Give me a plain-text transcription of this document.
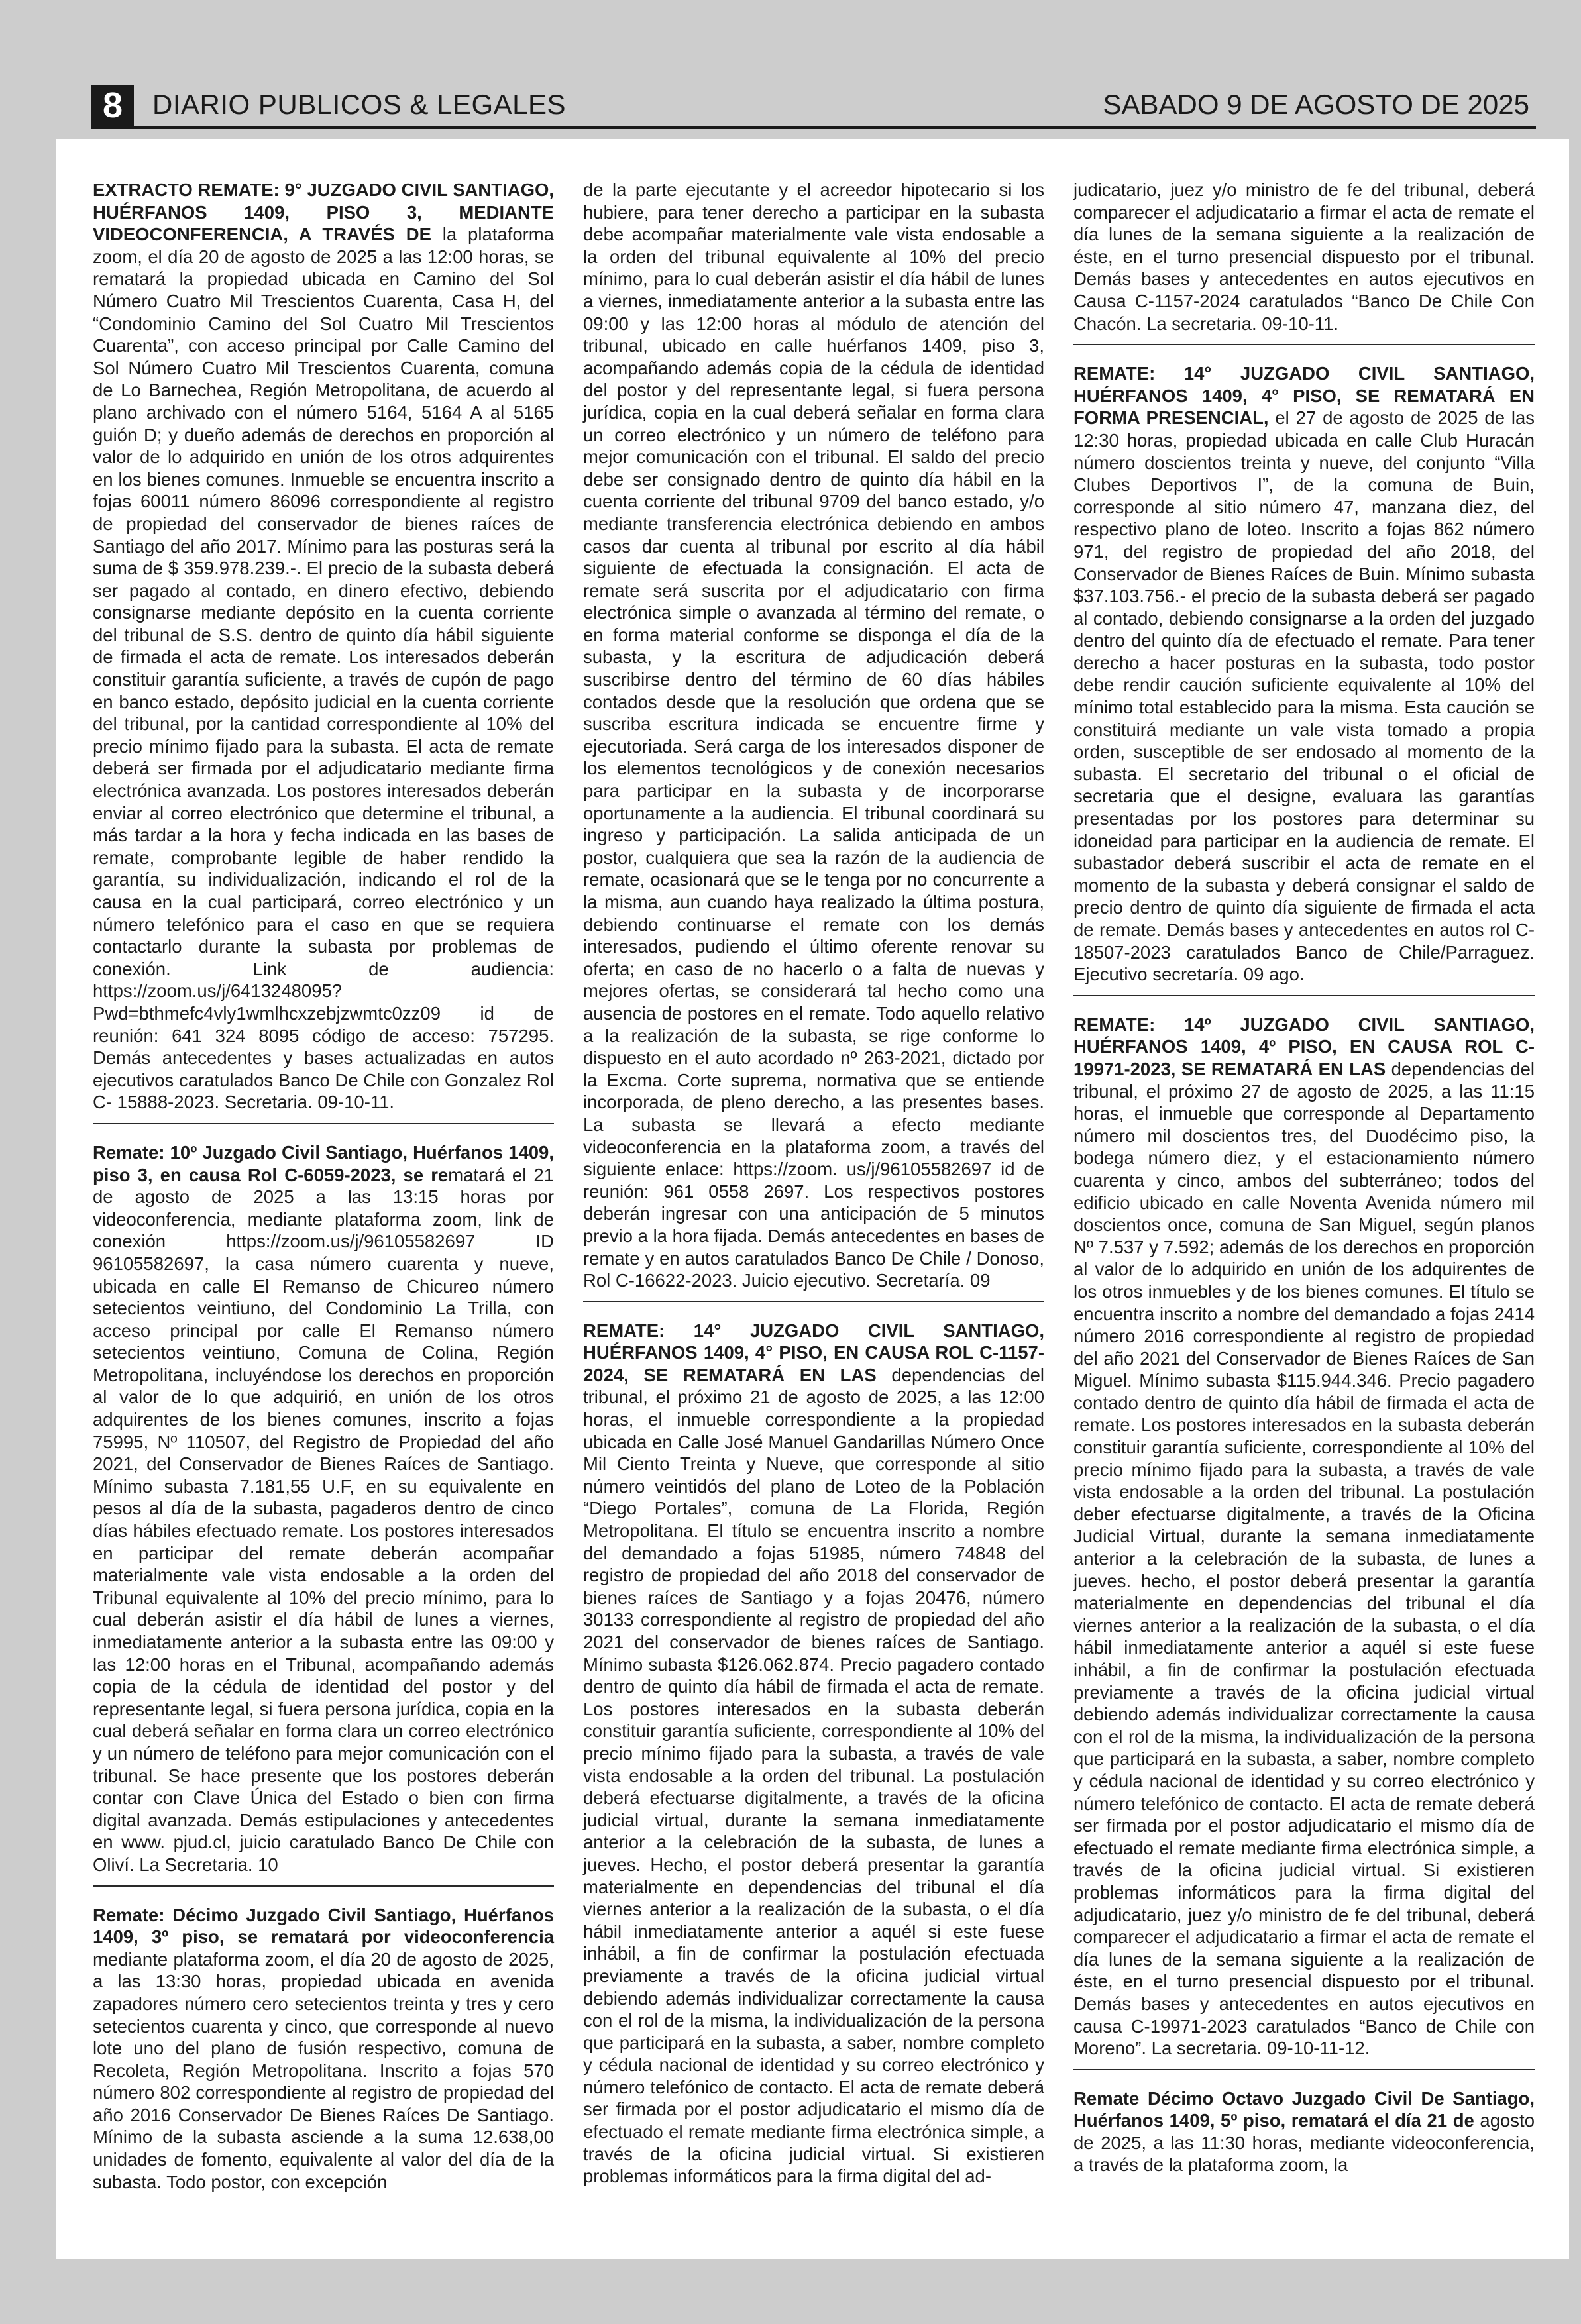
8	DIARIO PUBLICOS & LEGALES	SABADO 9 DE AGOSTO DE 2025

EXTRACTO REMATE: 9° JUZGADO CIVIL SANTIAGO, HUÉRFANOS 1409, PISO 3, MEDIANTE VIDEOCONFERENCIA, A TRAVÉS DE la plataforma zoom, el día 20 de agosto de 2025 a las 12:00 horas, se rematará la propiedad ubicada en Camino del Sol Número Cuatro Mil Trescientos Cuarenta, Casa H, del “Condominio Camino del Sol Cuatro Mil Trescientos Cuarenta”, con acceso principal por Calle Camino del Sol Número Cuatro Mil Trescientos Cuarenta, comuna de Lo Barnechea, Región Metropolitana, de acuerdo al plano archivado con el número 5164, 5164 A al 5165 guión D; y dueño además de derechos en proporción al valor de lo adquirido en unión de los otros adquirentes en los bienes comunes. Inmueble se encuentra inscrito a fojas 60011 número 86096 correspondiente al registro de propiedad del conservador de bienes raíces de Santiago del año 2017. Mínimo para las posturas será la suma de $ 359.978.239.-. El precio de la subasta deberá ser pagado al contado, en dinero efectivo, debiendo consignarse mediante depósito en la cuenta corriente del tribunal de S.S. dentro de quinto día hábil siguiente de firmada el acta de remate. Los interesados deberán constituir garantía suficiente, a través de cupón de pago en banco estado, depósito judicial en la cuenta corriente del tribunal, por la cantidad correspondiente al 10% del precio mínimo fijado para la subasta. El acta de remate deberá ser firmada por el adjudicatario mediante firma electrónica avanzada. Los postores interesados deberán enviar al correo electrónico que determine el tribunal, a más tardar a la hora y fecha indicada en las bases de remate, comprobante legible de haber rendido la garantía, su individualización, indicando el rol de la causa en la cual participará, correo electrónico y un número telefónico para el caso en que se requiera contactarlo durante la subasta por problemas de conexión. Link de audiencia: https://zoom.us/j/6413248095?Pwd=bthmefc4vly1wmlhcxzebjzwmtc0zz09 id de reunión: 641 324 8095 código de acceso: 757295. Demás antecedentes y bases actualizadas en autos ejecutivos caratulados Banco De Chile con Gonzalez Rol C- 15888-2023. Secretaria. 09-10-11.

Remate: 10º Juzgado Civil Santiago, Huérfanos 1409, piso 3, en causa Rol C-6059-2023, se rematará el 21 de agosto de 2025 a las 13:15 horas por videoconferencia, mediante plataforma zoom, link de conexión https://zoom.us/j/96105582697 ID 96105582697, la casa número cuarenta y nueve, ubicada en calle El Remanso de Chicureo número setecientos veintiuno, del Condominio La Trilla, con acceso principal por calle El Remanso número setecientos veintiuno, Comuna de Colina, Región Metropolitana, incluyéndose los derechos en proporción al valor de lo que adquirió, en unión de los otros adquirentes de los bienes comunes, inscrito a fojas 75995, Nº 110507, del Registro de Propiedad del año 2021, del Conservador de Bienes Raíces de Santiago. Mínimo subasta 7.181,55 U.F, en su equivalente en pesos al día de la subasta, pagaderos dentro de cinco días hábiles efectuado remate. Los postores interesados en participar del remate deberán acompañar materialmente vale vista endosable a la orden del Tribunal equivalente al 10% del precio mínimo, para lo cual deberán asistir el día hábil de lunes a viernes, inmediatamente anterior a la subasta entre las 09:00 y las 12:00 horas en el Tribunal, acompañando además copia de la cédula de identidad del postor y del representante legal, si fuera persona jurídica, copia en la cual deberá señalar en forma clara un correo electrónico y un número de teléfono para mejor comunicación con el tribunal. Se hace presente que los postores deberán contar con Clave Única del Estado o bien con firma digital avanzada. Demás estipulaciones y antecedentes en www. pjud.cl, juicio caratulado Banco De Chile con Oliví. La Secretaria. 10

Remate: Décimo Juzgado Civil Santiago, Huérfanos 1409, 3º piso, se rematará por videoconferencia mediante plataforma zoom, el día 20 de agosto de 2025, a las 13:30 horas, propiedad ubicada en avenida zapadores número cero setecientos treinta y tres y cero setecientos cuarenta y cinco, que corresponde al nuevo lote uno del plano de fusión respectivo, comuna de Recoleta, Región Metropolitana. Inscrito a fojas 570 número 802 correspondiente al registro de propiedad del año 2016 Conservador De Bienes Raíces De Santiago. Mínimo de la subasta asciende a la suma 12.638,00 unidades de fomento, equivalente al valor del día de la subasta. Todo postor, con excepción

de la parte ejecutante y el acreedor hipotecario si los hubiere, para tener derecho a participar en la subasta debe acompañar materialmente vale vista endosable a la orden del tribunal equivalente al 10% del precio mínimo, para lo cual deberán asistir el día hábil de lunes a viernes, inmediatamente anterior a la subasta entre las 09:00 y las 12:00 horas al módulo de atención del tribunal, ubicado en calle huérfanos 1409, piso 3, acompañando además copia de la cédula de identidad del postor y del representante legal, si fuera persona jurídica, copia en la cual deberá señalar en forma clara un correo electrónico y un número de teléfono para mejor comunicación con el tribunal. El saldo del precio debe ser consignado dentro de quinto día hábil en la cuenta corriente del tribunal 9709 del banco estado, y/o mediante transferencia electrónica debiendo en ambos casos dar cuenta al tribunal por escrito al día hábil siguiente de efectuada la consignación. El acta de remate será suscrita por el adjudicatario con firma electrónica simple o avanzada al término del remate, o en forma material conforme se disponga el día de la subasta, y la escritura de adjudicación deberá suscribirse dentro del término de 60 días hábiles contados desde que la resolución que ordena que se suscriba escritura indicada se encuentre firme y ejecutoriada. Será carga de los interesados disponer de los elementos tecnológicos y de conexión necesarios para participar en la subasta y de incorporarse oportunamente a la audiencia. El tribunal coordinará su ingreso y participación. La salida anticipada de un postor, cualquiera que sea la razón de la audiencia de remate, ocasionará que se le tenga por no concurrente a la misma, aun cuando haya realizado la última postura, debiendo continuarse el remate con los demás interesados, pudiendo el último oferente renovar su oferta; en caso de no hacerlo o a falta de nuevas y mejores ofertas, se considerará tal hecho como una ausencia de postores en el remate. Todo aquello relativo a la realización de la subasta, se rige conforme lo dispuesto en el auto acordado nº 263-2021, dictado por la Excma. Corte suprema, normativa que se entiende incorporada, de pleno derecho, a las presentes bases. La subasta se llevará a efecto mediante videoconferencia en la plataforma zoom, a través del siguiente enlace: https://zoom. us/j/96105582697 id de reunión: 961 0558 2697. Los respectivos postores deberán ingresar con una anticipación de 5 minutos previo a la hora fijada. Demás antecedentes en bases de remate y en autos caratulados Banco De Chile / Donoso, Rol C-16622-2023. Juicio ejecutivo. Secretaría. 09

REMATE: 14° JUZGADO CIVIL SANTIAGO, HUÉRFANOS 1409, 4° PISO, EN CAUSA ROL C-1157-2024, SE REMATARÁ EN LAS dependencias del tribunal, el próximo 21 de agosto de 2025, a las 12:00 horas, el inmueble correspondiente a la propiedad ubicada en Calle José Manuel Gandarillas Número Once Mil Ciento Treinta y Nueve, que corresponde al sitio número veintidós del plano de Loteo de la Población “Diego Portales”, comuna de La Florida, Región Metropolitana. El título se encuentra inscrito a nombre del demandado a fojas 51985, número 74848 del registro de propiedad del año 2018 del conservador de bienes raíces de Santiago y a fojas 20476, número 30133 correspondiente al registro de propiedad del año 2021 del conservador de bienes raíces de Santiago. Mínimo subasta $126.062.874. Precio pagadero contado dentro de quinto día hábil de firmada el acta de remate. Los postores interesados en la subasta deberán constituir garantía suficiente, correspondiente al 10% del precio mínimo fijado para la subasta, a través de vale vista endosable a la orden del tribunal. La postulación deberá efectuarse digitalmente, a través de la oficina judicial virtual, durante la semana inmediatamente anterior a la celebración de la subasta, de lunes a jueves. Hecho, el postor deberá presentar la garantía materialmente en dependencias del tribunal el día viernes anterior a la realización de la subasta, o el día hábil inmediatamente anterior a aquél si este fuese inhábil, a fin de confirmar la postulación efectuada previamente a través de la oficina judicial virtual debiendo además individualizar correctamente la causa con el rol de la misma, la individualización de la persona que participará en la subasta, a saber, nombre completo y cédula nacional de identidad y su correo electrónico y número telefónico de contacto. El acta de remate deberá ser firmada por el postor adjudicatario el mismo día de efectuado el remate mediante firma electrónica simple, a través de la oficina judicial virtual. Si existieren problemas informáticos para la firma digital del ad-

judicatario, juez y/o ministro de fe del tribunal, deberá comparecer el adjudicatario a firmar el acta de remate el día lunes de la semana siguiente a la realización de éste, en el turno presencial dispuesto por el tribunal. Demás bases y antecedentes en autos ejecutivos en Causa C-1157-2024 caratulados “Banco De Chile Con Chacón. La secretaria. 09-10-11.

REMATE: 14° JUZGADO CIVIL SANTIAGO, HUÉRFANOS 1409, 4° PISO, SE REMATARÁ EN FORMA PRESENCIAL, el 27 de agosto de 2025 de las 12:30 horas, propiedad ubicada en calle Club Huracán número doscientos treinta y nueve, del conjunto “Villa Clubes Deportivos I”, de la comuna de Buin, corresponde al sitio número 47, manzana diez, del respectivo plano de loteo. Inscrito a fojas 862 número 971, del registro de propiedad del año 2018, del Conservador de Bienes Raíces de Buin. Mínimo subasta $37.103.756.- el precio de la subasta deberá ser pagado al contado, debiendo consignarse a la orden del juzgado dentro del quinto día de efectuado el remate. Para tener derecho a hacer posturas en la subasta, todo postor debe rendir caución suficiente equivalente al 10% del mínimo total establecido para la misma. Esta caución se constituirá mediante un vale vista tomado a propia orden, susceptible de ser endosado al momento de la subasta. El secretario del tribunal o el oficial de secretaria que el designe, evaluara las garantías presentadas por los postores para determinar su idoneidad para participar en la audiencia de remate. El subastador deberá suscribir el acta de remate en el momento de la subasta y deberá consignar el saldo de precio dentro de quinto día siguiente de firmada el acta de remate. Demás bases y antecedentes en autos rol C-18507-2023 caratulados Banco de Chile/Parraguez. Ejecutivo secretaría. 09 ago.

REMATE: 14º JUZGADO CIVIL SANTIAGO, HUÉRFANOS 1409, 4º PISO, EN CAUSA ROL C-19971-2023, SE REMATARÁ EN LAS dependencias del tribunal, el próximo 27 de agosto de 2025, a las 11:15 horas, el inmueble que corresponde al Departamento número mil doscientos tres, del Duodécimo piso, la bodega número diez, y el estacionamiento número cuarenta y cinco, ambos del subterráneo; todos del edificio ubicado en calle Noventa Avenida número mil doscientos once, comuna de San Miguel, según planos Nº 7.537 y 7.592; además de los derechos en proporción al valor de lo adquirido en unión de los adquirentes de los otros inmuebles y de los bienes comunes. El título se encuentra inscrito a nombre del demandado a fojas 2414 número 2016 correspondiente al registro de propiedad del año 2021 del Conservador de Bienes Raíces de San Miguel. Mínimo subasta $115.944.346. Precio pagadero contado dentro de quinto día hábil de firmada el acta de remate. Los postores interesados en la subasta deberán constituir garantía suficiente, correspondiente al 10% del precio mínimo fijado para la subasta, a través de vale vista endosable a la orden del tribunal. La postulación deber efectuarse digitalmente, a través de la Oficina Judicial Virtual, durante la semana inmediatamente anterior a la celebración de la subasta, de lunes a jueves. hecho, el postor deberá presentar la garantía materialmente en dependencias del tribunal el día viernes anterior a la realización de la subasta, o el día hábil inmediatamente anterior a aquél si este fuese inhábil, a fin de confirmar la postulación efectuada previamente a través de la oficina judicial virtual debiendo además individualizar correctamente la causa con el rol de la misma, la individualización de la persona que participará en la subasta, a saber, nombre completo y cédula nacional de identidad y su correo electrónico y número telefónico de contacto. El acta de remate deberá ser firmada por el postor adjudicatario el mismo día de efectuado el remate mediante firma electrónica simple, a través de la oficina judicial virtual. Si existieren problemas informáticos para la firma digital del adjudicatario, juez y/o ministro de fe del tribunal, deberá comparecer el adjudicatario a firmar el acta de remate el día lunes de la semana siguiente a la realización de éste, en el turno presencial dispuesto por el tribunal. Demás bases y antecedentes en autos ejecutivos en causa C-19971-2023 caratulados “Banco de Chile con Moreno”. La secretaria. 09-10-11-12.

Remate Décimo Octavo Juzgado Civil De Santiago, Huérfanos 1409, 5º piso, rematará el día 21 de agosto de 2025, a las 11:30 horas, mediante videoconferencia, a través de la plataforma zoom, la
